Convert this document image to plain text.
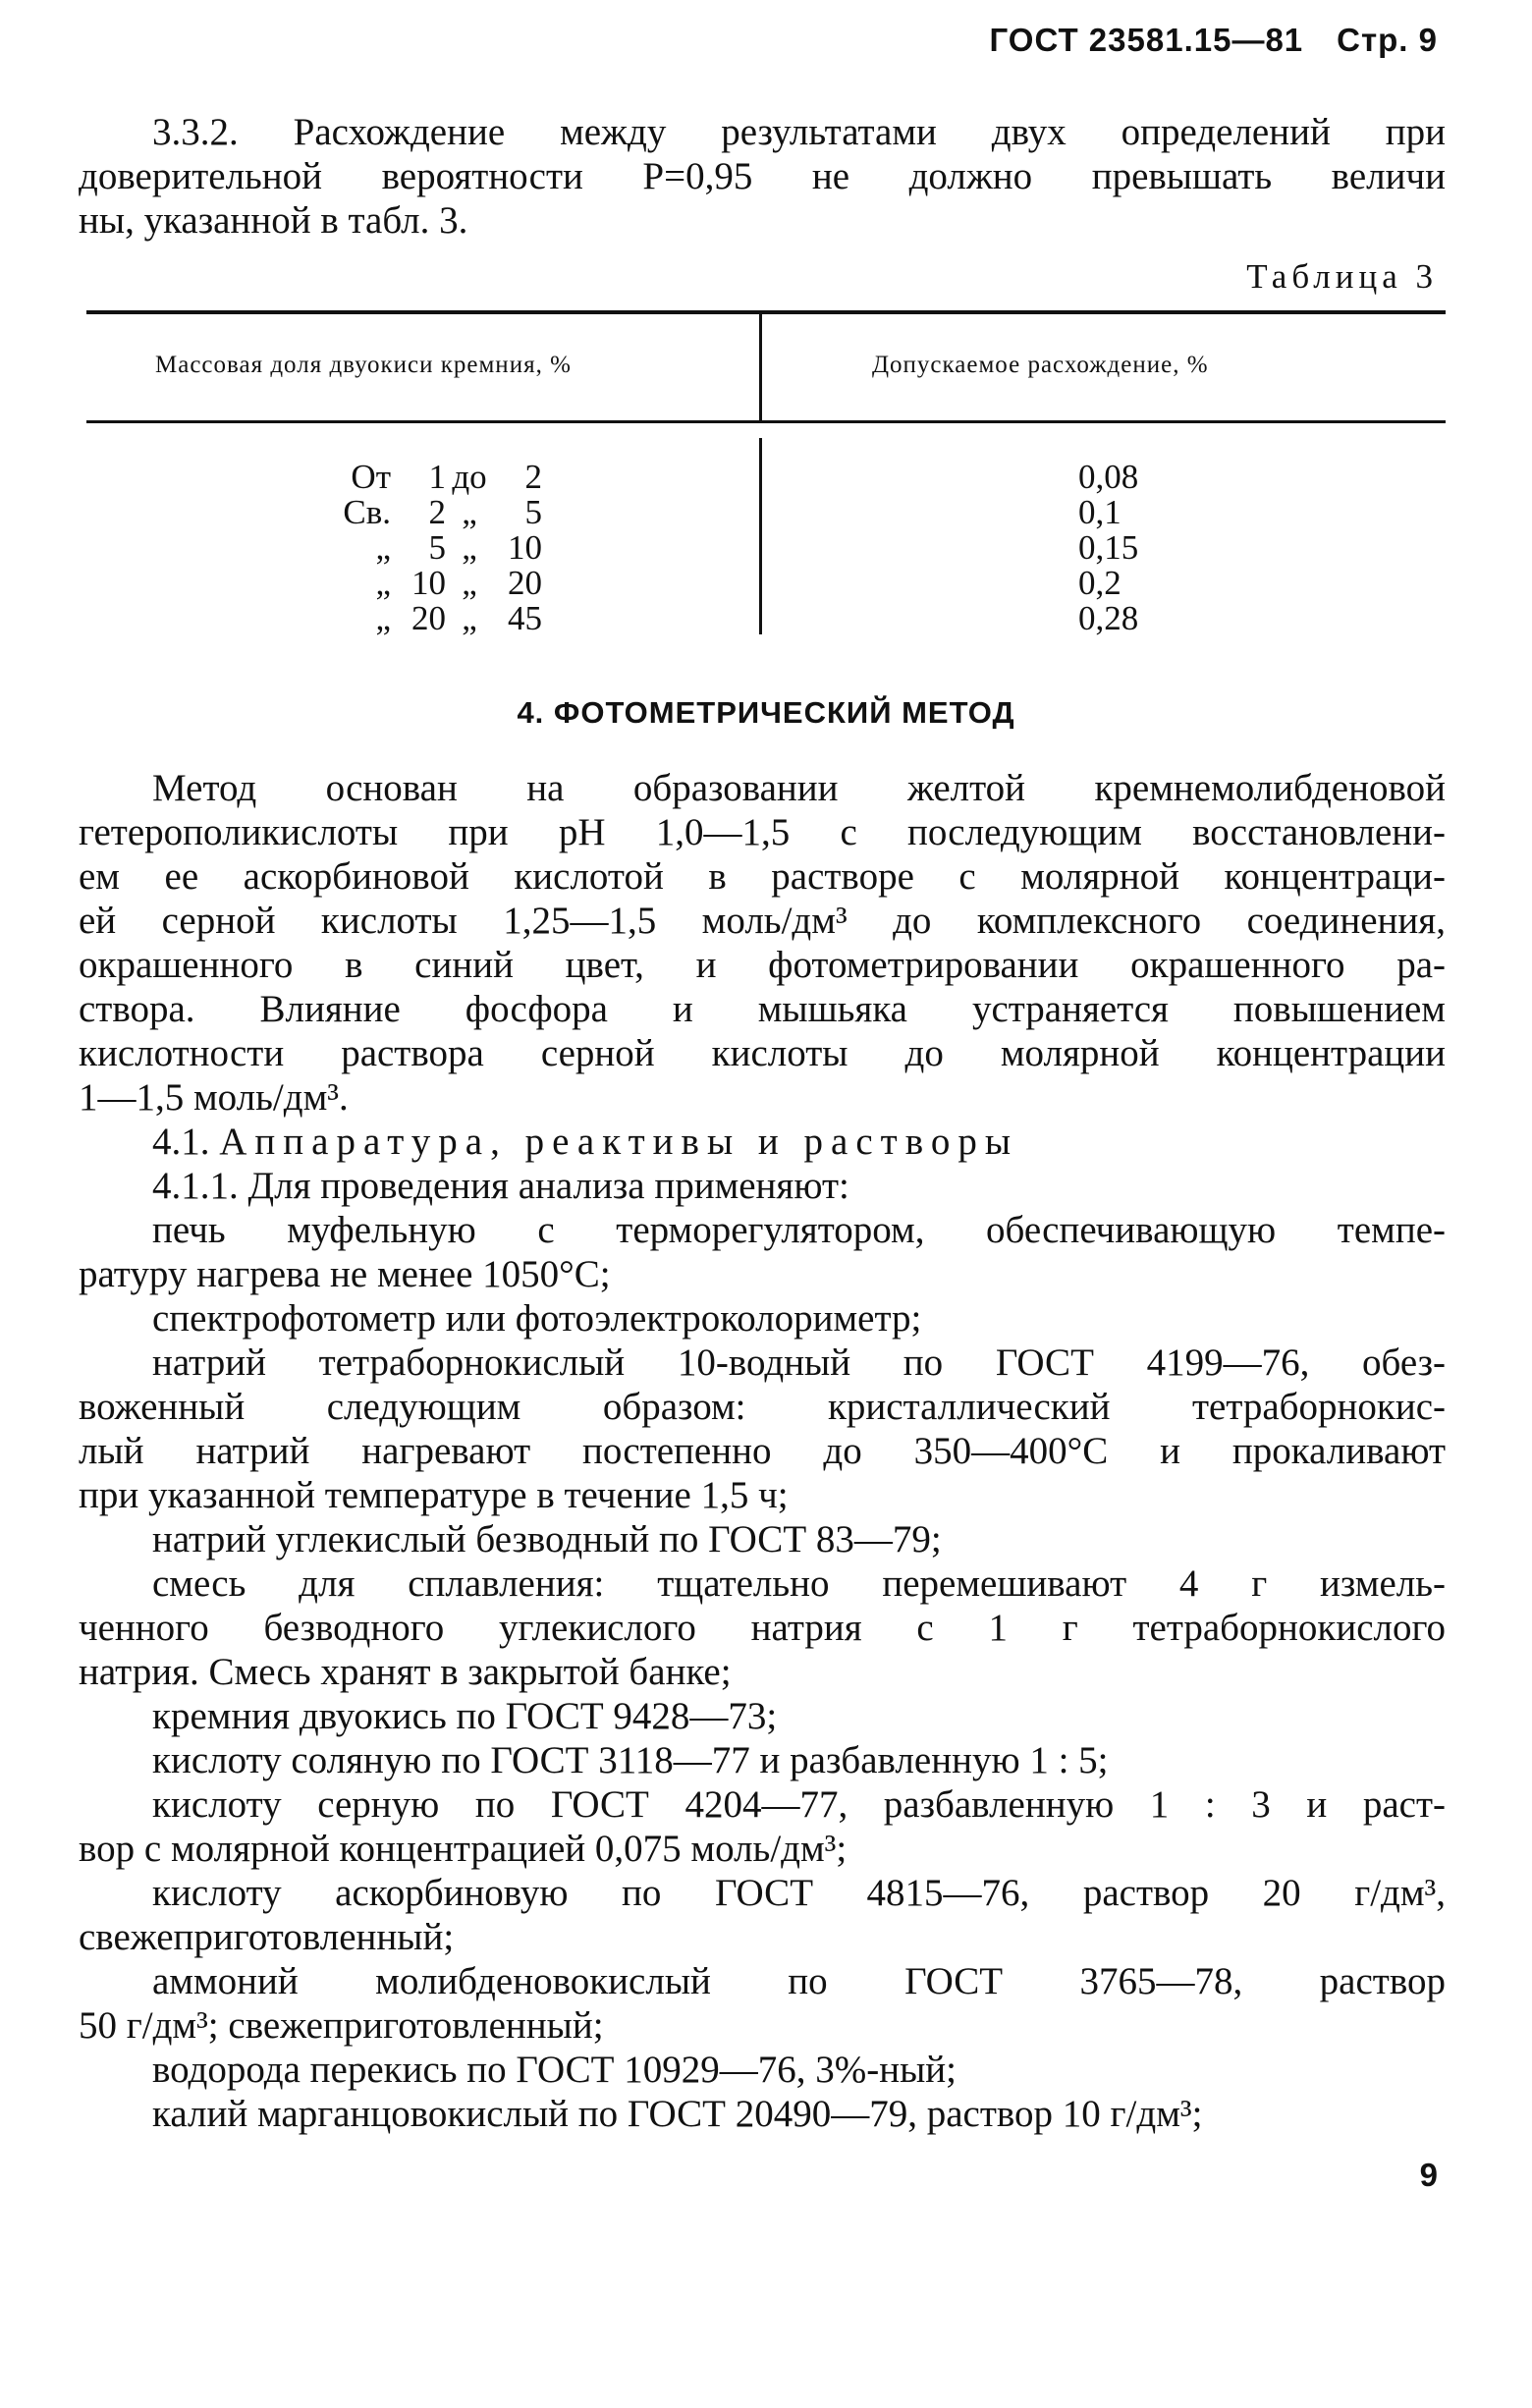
ГОСТ 23581.15—81 Стр. 9
3.3.2. Расхождение между результатами двух определений при
доверительной вероятности Р=0,95 не должно превышать величи
ны, указанной в табл. 3.
Таблица 3
Массовая доля двуокиси кремния, %	Допускаемое расхождение, %
От 1 до 2
Св. 2 „ 5
„ 5 „ 10
„ 10 „ 20
„ 20 „ 45
0,08
0,1
0,15
0,2
0,28
4. ФОТОМЕТРИЧЕСКИЙ МЕТОД
Метод основан на образовании желтой кремнемолибденовой
гетерополикислоты при pH 1,0—1,5 с последующим восстановлени-
ем ее аскорбиновой кислотой в растворе с молярной концентраци-
ей серной кислоты 1,25—1,5 моль/дм³ до комплексного соединения,
окрашенного в синий цвет, и фотометрировании окрашенного ра-
створа. Влияние фосфора и мышьяка устраняется повышением
кислотности раствора серной кислоты до молярной концентрации
1—1,5 моль/дм³.
4.1. Аппаратура, реактивы и растворы
4.1.1. Для проведения анализа применяют:
печь муфельную с терморегулятором, обеспечивающую темпе-
ратуру нагрева не менее 1050°С;
спектрофотометр или фотоэлектроколориметр;
натрий тетраборнокислый 10-водный по ГОСТ 4199—76, обез-
воженный следующим образом: кристаллический тетраборнокис-
лый натрий нагревают постепенно до 350—400°С и прокаливают
при указанной температуре в течение 1,5 ч;
натрий углекислый безводный по ГОСТ 83—79;
смесь для сплавления: тщательно перемешивают 4 г измель-
ченного безводного углекислого натрия с 1 г тетраборнокислого
натрия. Смесь хранят в закрытой банке;
кремния двуокись по ГОСТ 9428—73;
кислоту соляную по ГОСТ 3118—77 и разбавленную 1 : 5;
кислоту серную по ГОСТ 4204—77, разбавленную 1 : 3 и раст-
вор с молярной концентрацией 0,075 моль/дм³;
кислоту аскорбиновую по ГОСТ 4815—76, раствор 20 г/дм³,
свежеприготовленный;
аммоний молибденовокислый по ГОСТ 3765—78, раствор
50 г/дм³; свежеприготовленный;
водорода перекись по ГОСТ 10929—76, 3%-ный;
калий марганцовокислый по ГОСТ 20490—79, раствор 10 г/дм³;
9
